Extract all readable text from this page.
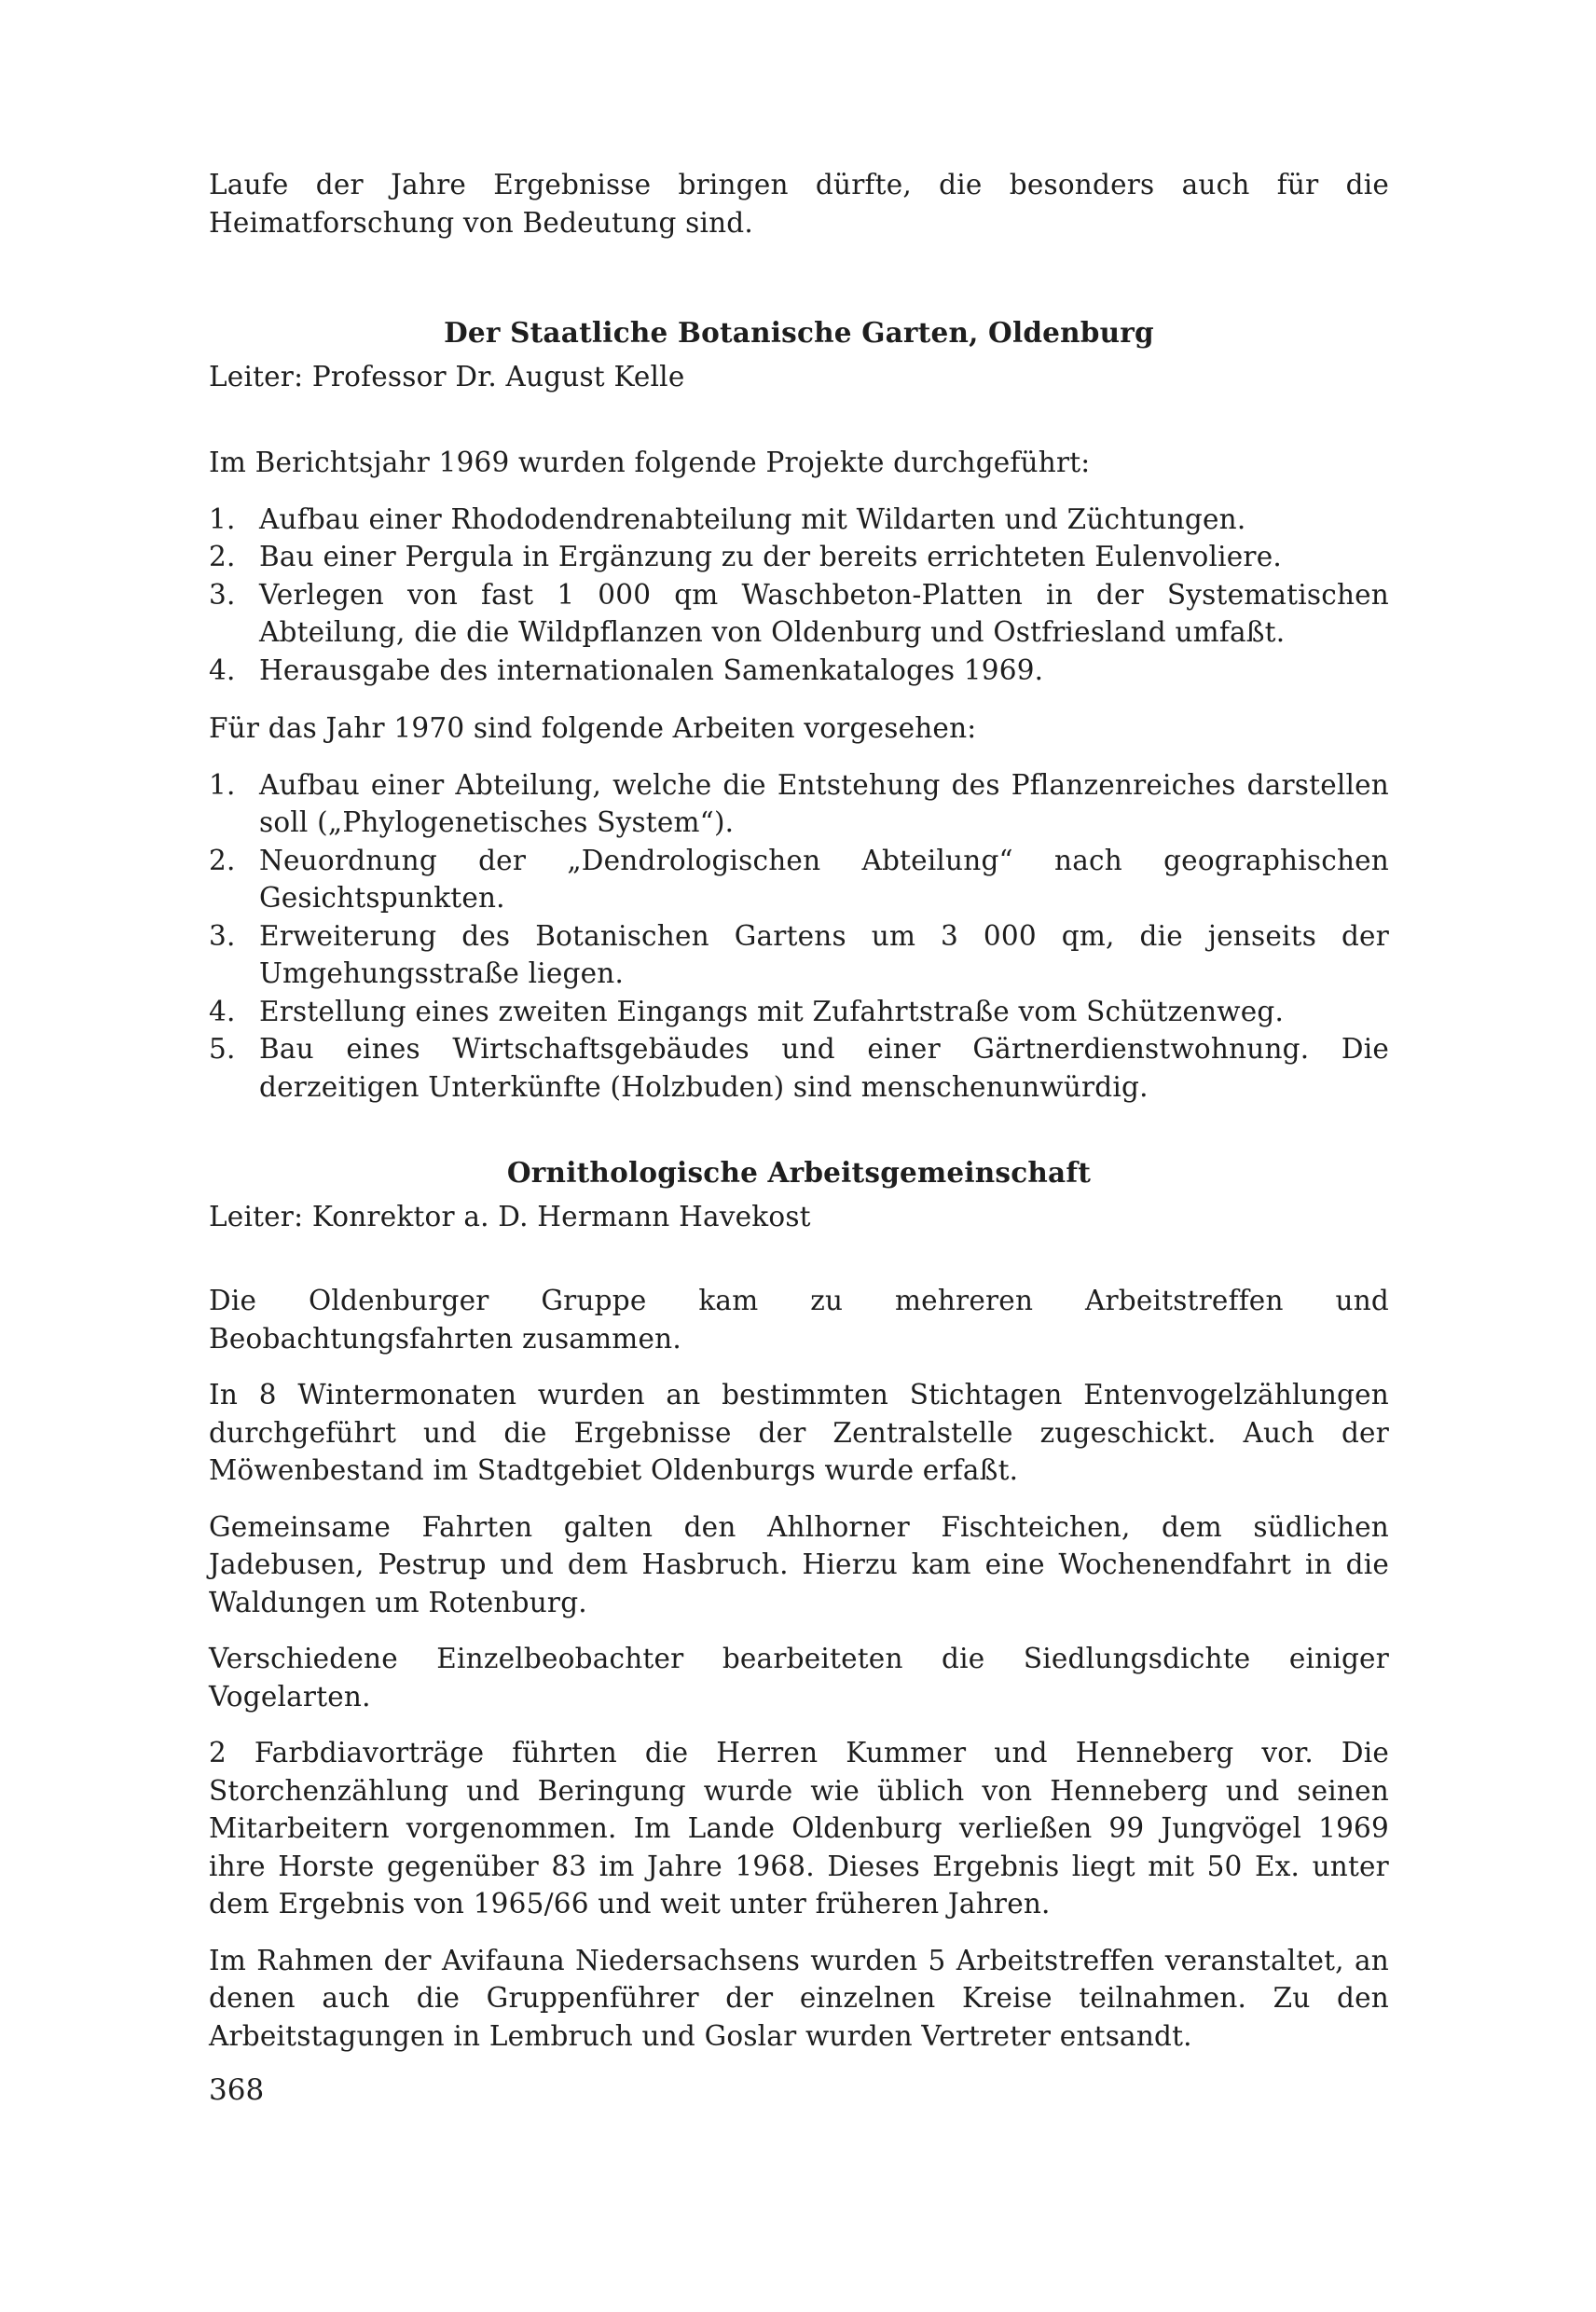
Laufe der Jahre Ergebnisse bringen dürfte, die besonders auch für die Heimatforschung von Bedeutung sind.

Der Staatliche Botanische Garten, Oldenburg

Leiter: Professor Dr. August Kelle

Im Berichtsjahr 1969 wurden folgende Projekte durchgeführt:

1. Aufbau einer Rhododendrenabteilung mit Wildarten und Züchtungen.
2. Bau einer Pergula in Ergänzung zu der bereits errichteten Eulenvoliere.
3. Verlegen von fast 1 000 qm Waschbeton-Platten in der Systematischen Abteilung, die die Wildpflanzen von Oldenburg und Ostfriesland umfaßt.
4. Herausgabe des internationalen Samenkataloges 1969.

Für das Jahr 1970 sind folgende Arbeiten vorgesehen:

1. Aufbau einer Abteilung, welche die Entstehung des Pflanzenreiches darstellen soll („Phylogenetisches System“).
2. Neuordnung der „Dendrologischen Abteilung“ nach geographischen Gesichtspunkten.
3. Erweiterung des Botanischen Gartens um 3 000 qm, die jenseits der Umgehungsstraße liegen.
4. Erstellung eines zweiten Eingangs mit Zufahrtstraße vom Schützenweg.
5. Bau eines Wirtschaftsgebäudes und einer Gärtnerdienstwohnung. Die derzeitigen Unterkünfte (Holzbuden) sind menschenunwürdig.
Ornithologische Arbeitsgemeinschaft

Leiter: Konrektor a. D. Hermann Havekost

Die Oldenburger Gruppe kam zu mehreren Arbeitstreffen und Beobachtungsfahrten zusammen.

In 8 Wintermonaten wurden an bestimmten Stichtagen Entenvogelzählungen durchgeführt und die Ergebnisse der Zentralstelle zugeschickt. Auch der Möwenbestand im Stadtgebiet Oldenburgs wurde erfaßt.

Gemeinsame Fahrten galten den Ahlhorner Fischteichen, dem südlichen Jadebusen, Pestrup und dem Hasbruch. Hierzu kam eine Wochenendfahrt in die Waldungen um Rotenburg.

Verschiedene Einzelbeobachter bearbeiteten die Siedlungsdichte einiger Vogelarten.

2 Farbdiavorträge führten die Herren Kummer und Henneberg vor. Die Storchenzählung und Beringung wurde wie üblich von Henneberg und seinen Mitarbeitern vorgenommen. Im Lande Oldenburg verließen 99 Jungvögel 1969 ihre Horste gegenüber 83 im Jahre 1968. Dieses Ergebnis liegt mit 50 Ex. unter dem Ergebnis von 1965/66 und weit unter früheren Jahren.

Im Rahmen der Avifauna Niedersachsens wurden 5 Arbeitstreffen veranstaltet, an denen auch die Gruppenführer der einzelnen Kreise teilnahmen. Zu den Arbeitstagungen in Lembruch und Goslar wurden Vertreter entsandt.

368
